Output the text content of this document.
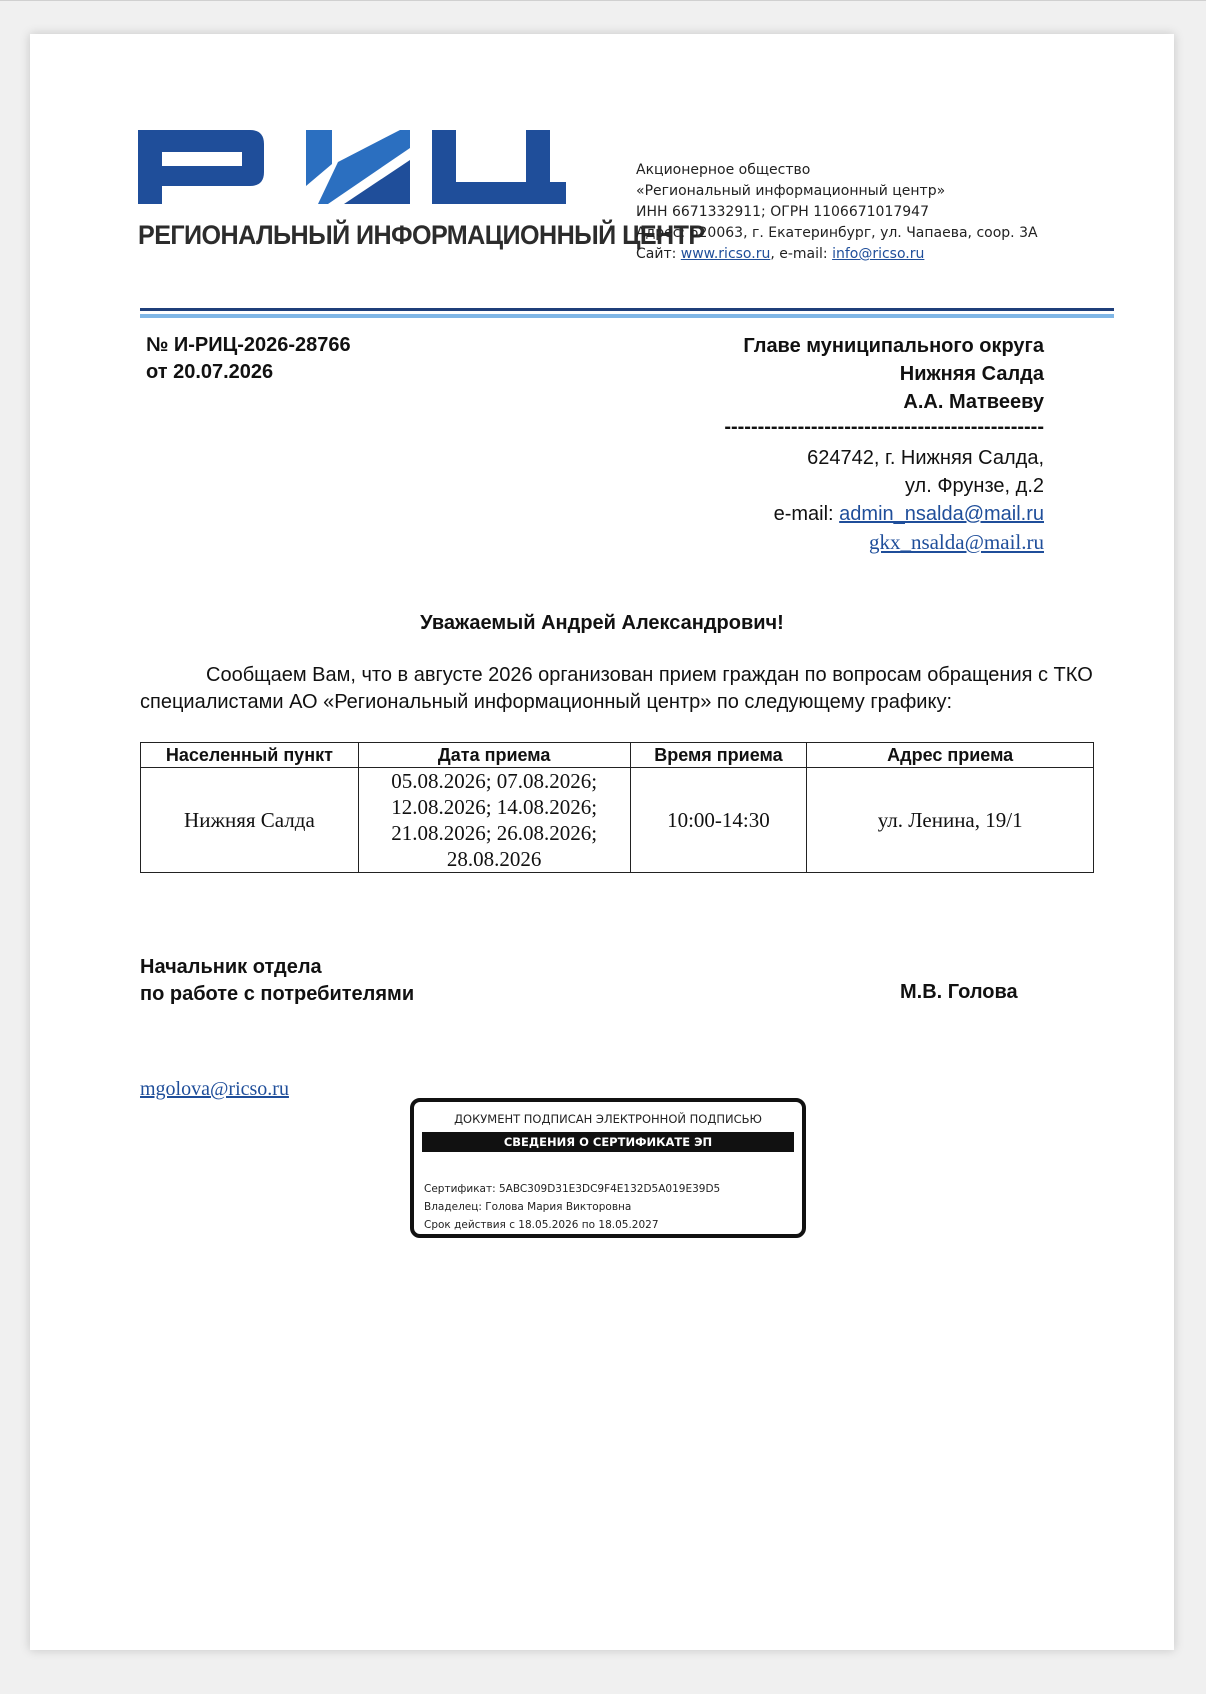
РЕГИОНАЛЬНЫЙ ИНФОРМАЦИОННЫЙ ЦЕНТР
Акционерное общество
«Региональный информационный центр»
ИНН 6671332911; ОГРН 1106671017947
Адрес: 620063, г. Екатеринбург, ул. Чапаева, соор. 3А
Сайт: www.ricso.ru, e-mail: info@ricso.ru
№ И-РИЦ-2026-28766
от 20.07.2026
Главе муниципального округа
Нижняя Салда
А.А. Матвееву
------------------------------------------------
624742, г. Нижняя Салда,
ул. Фрунзе, д.2
e-mail: admin_nsalda@mail.ru
gkx_nsalda@mail.ru
Уважаемый Андрей Александрович!
Сообщаем Вам, что в августе 2026 организован прием граждан по вопросам обращения с ТКО специалистами АО «Региональный информационный центр» по следующему графику:
Населенный пункт	Дата приема	Время приема	Адрес приема
Нижняя Салда	05.08.2026; 07.08.2026;
12.08.2026; 14.08.2026;
21.08.2026; 26.08.2026;
28.08.2026	10:00-14:30	ул. Ленина, 19/1
Начальник отдела
по работе с потребителями	М.В. Голова
mgolova@ricso.ru
ДОКУМЕНТ ПОДПИСАН ЭЛЕКТРОННОЙ ПОДПИСЬЮ
СВЕДЕНИЯ О СЕРТИФИКАТЕ ЭП
Сертификат: 5ABC309D31E3DC9F4E132D5A019E39D5
Владелец: Голова Мария Викторовна
Срок действия с 18.05.2026 по 18.05.2027
